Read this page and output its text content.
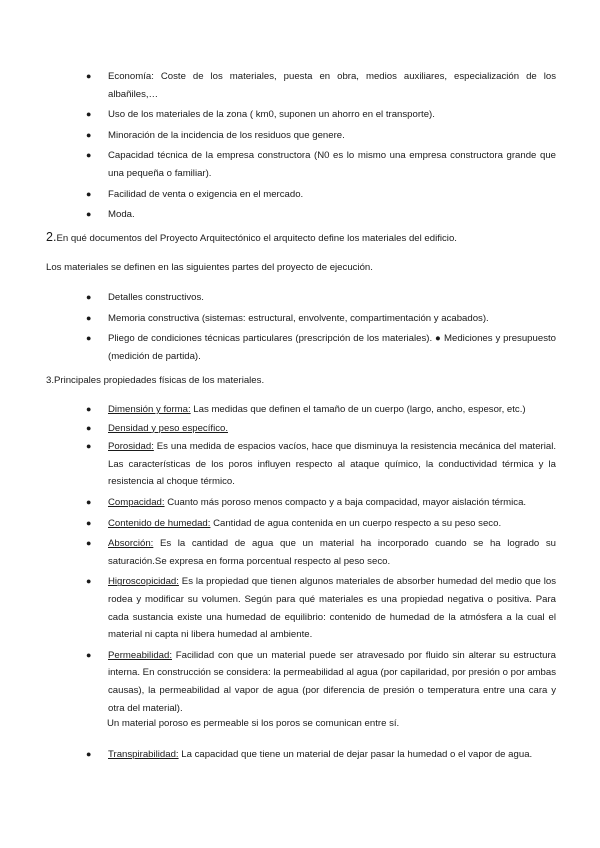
● Economía: Coste de los materiales, puesta en obra, medios auxiliares, especialización de los albañiles,…
● Uso de los materiales de la zona ( km0, suponen un ahorro en el transporte).
● Minoración de la incidencia de los residuos que genere.
● Capacidad técnica de la empresa constructora (N0 es lo mismo una empresa constructora grande que una pequeña o familiar).
● Facilidad de venta o exigencia en el mercado.
● Moda.
2.En qué documentos del Proyecto Arquitectónico el arquitecto define los materiales del edificio.
Los materiales se definen en las siguientes partes del proyecto de ejecución.
● Detalles constructivos.
● Memoria constructiva (sistemas: estructural, envolvente, compartimentación y acabados).
● Pliego de condiciones técnicas particulares (prescripción de los materiales). ● Mediciones y presupuesto (medición de partida).
3.Principales propiedades físicas de los materiales.
● Dimensión y forma: Las medidas que definen el tamaño de un cuerpo (largo, ancho, espesor, etc.)
● Densidad y peso específico.
● Porosidad: Es una medida de espacios vacíos, hace que disminuya la resistencia mecánica del material. Las características de los poros influyen respecto al ataque químico, la conductividad térmica y la resistencia al choque térmico.
● Compacidad: Cuanto más poroso menos compacto y a baja compacidad, mayor aislación térmica.
● Contenido de humedad: Cantidad de agua contenida en un cuerpo respecto a su peso seco.
● Absorción: Es la cantidad de agua que un material ha incorporado cuando se ha logrado su saturación.Se expresa en forma porcentual respecto al peso seco.
● Higroscopicidad: Es la propiedad que tienen algunos materiales de absorber humedad del medio que los rodea y modificar su volumen. Según para qué materiales es una propiedad negativa o positiva. Para cada sustancia existe una humedad de equilibrio: contenido de humedad de la atmósfera a la cual el material ni capta ni libera humedad al ambiente.
● Permeabilidad: Facilidad con que un material puede ser atravesado por fluido sin alterar su estructura interna. En construcción se considera: la permeabilidad al agua (por capilaridad, por presión o por ambas causas), la permeabilidad al vapor de agua (por diferencia de presión o temperatura entre una cara y otra del material).
Un material poroso es permeable si los poros se comunican entre sí.
● Transpirabilidad: La capacidad que tiene un material de dejar pasar la humedad o el vapor de agua.
